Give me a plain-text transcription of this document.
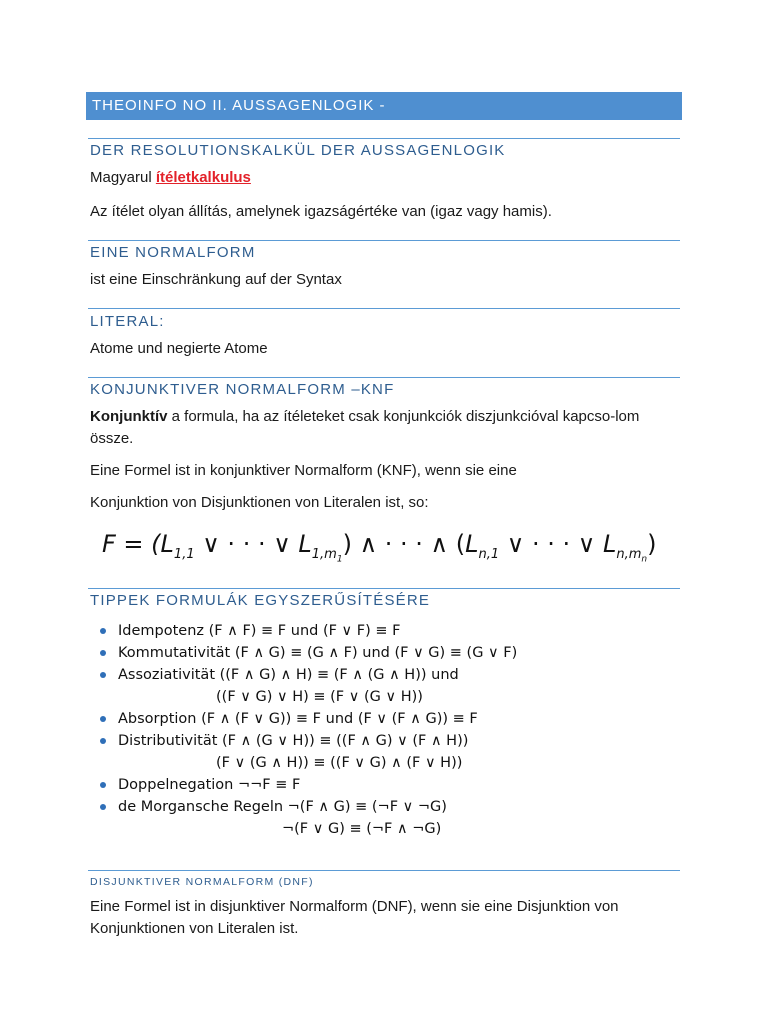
THEOINFO NO II. AUSSAGENLOGIK -
DER RESOLUTIONSKALKÜL DER AUSSAGENLOGIK
Magyarul ítéletkalkulus
Az ítélet olyan állítás, amelynek igazságértéke van (igaz vagy hamis).
EINE NORMALFORM
ist eine Einschränkung auf der Syntax
LITERAL:
Atome und negierte Atome
KONJUNKTIVER NORMALFORM –KNF
Konjunktív a formula, ha az ítéleteket csak konjunkciók diszjunkcióval kapcso-lom össze.
Eine Formel ist in konjunktiver Normalform (KNF), wenn sie eine
Konjunktion von Disjunktionen von Literalen ist, so:
$F = (L_{1,1}$ ∨ · · · ∨ $L_{1,m_1}$) ∧ · · · ∧ ($L_{n,1}$ ∨ · · · ∨ $L_{n,m_n}$)
TIPPEK FORMULÁK EGYSZERŰSÍTÉSÉRE
Idempotenz (F ∧ F) ≡ F und (F ∨ F) ≡ F
Kommutativität (F ∧ G) ≡ (G ∧ F) und (F ∨ G) ≡ (G ∨ F)
Assoziativität ((F ∧ G) ∧ H) ≡ (F ∧ (G ∧ H)) und
((F ∨ G) ∨ H) ≡ (F ∨ (G ∨ H))
Absorption (F ∧ (F ∨ G)) ≡ F und (F ∨ (F ∧ G)) ≡ F
Distributivität (F ∧ (G ∨ H)) ≡ ((F ∧ G) ∨ (F ∧ H))
(F ∨ (G ∧ H)) ≡ ((F ∨ G) ∧ (F ∨ H))
Doppelnegation ¬¬F ≡ F
de Morgansche Regeln ¬(F ∧ G) ≡ (¬F ∨ ¬G)
¬(F ∨ G) ≡ (¬F ∧ ¬G)
DISJUNKTIVER NORMALFORM (DNF)
Eine Formel ist in disjunktiver Normalform (DNF), wenn sie eine Disjunktion von Konjunktionen von Literalen ist.
